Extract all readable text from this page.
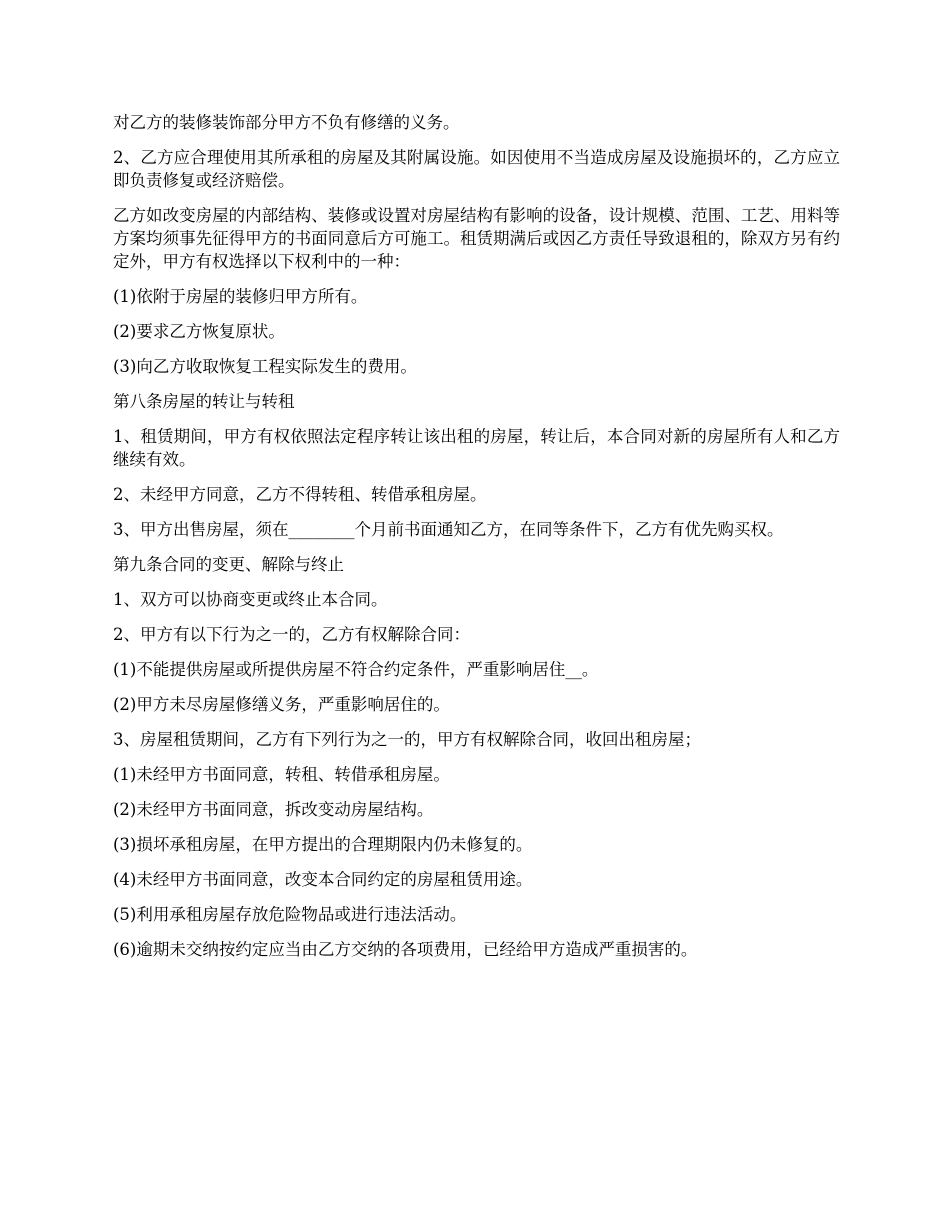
对乙方的装修装饰部分甲方不负有修缮的义务。

2、乙方应合理使用其所承租的房屋及其附属设施。如因使用不当造成房屋及设施损坏的，乙方应立即负责修复或经济赔偿。

乙方如改变房屋的内部结构、装修或设置对房屋结构有影响的设备，设计规模、范围、工艺、用料等方案均须事先征得甲方的书面同意后方可施工。租赁期满后或因乙方责任导致退租的，除双方另有约定外，甲方有权选择以下权利中的一种：

(1)依附于房屋的装修归甲方所有。

(2)要求乙方恢复原状。

(3)向乙方收取恢复工程实际发生的费用。

第八条房屋的转让与转租

1、租赁期间，甲方有权依照法定程序转让该出租的房屋，转让后，本合同对新的房屋所有人和乙方继续有效。

2、未经甲方同意，乙方不得转租、转借承租房屋。

3、甲方出售房屋，须在________个月前书面通知乙方，在同等条件下，乙方有优先购买权。

第九条合同的变更、解除与终止

1、双方可以协商变更或终止本合同。

2、甲方有以下行为之一的，乙方有权解除合同：

(1)不能提供房屋或所提供房屋不符合约定条件，严重影响居住__。

(2)甲方未尽房屋修缮义务，严重影响居住的。

3、房屋租赁期间，乙方有下列行为之一的，甲方有权解除合同，收回出租房屋；

(1)未经甲方书面同意，转租、转借承租房屋。

(2)未经甲方书面同意，拆改变动房屋结构。

(3)损坏承租房屋，在甲方提出的合理期限内仍未修复的。

(4)未经甲方书面同意，改变本合同约定的房屋租赁用途。

(5)利用承租房屋存放危险物品或进行违法活动。

(6)逾期未交纳按约定应当由乙方交纳的各项费用，已经给甲方造成严重损害的。
